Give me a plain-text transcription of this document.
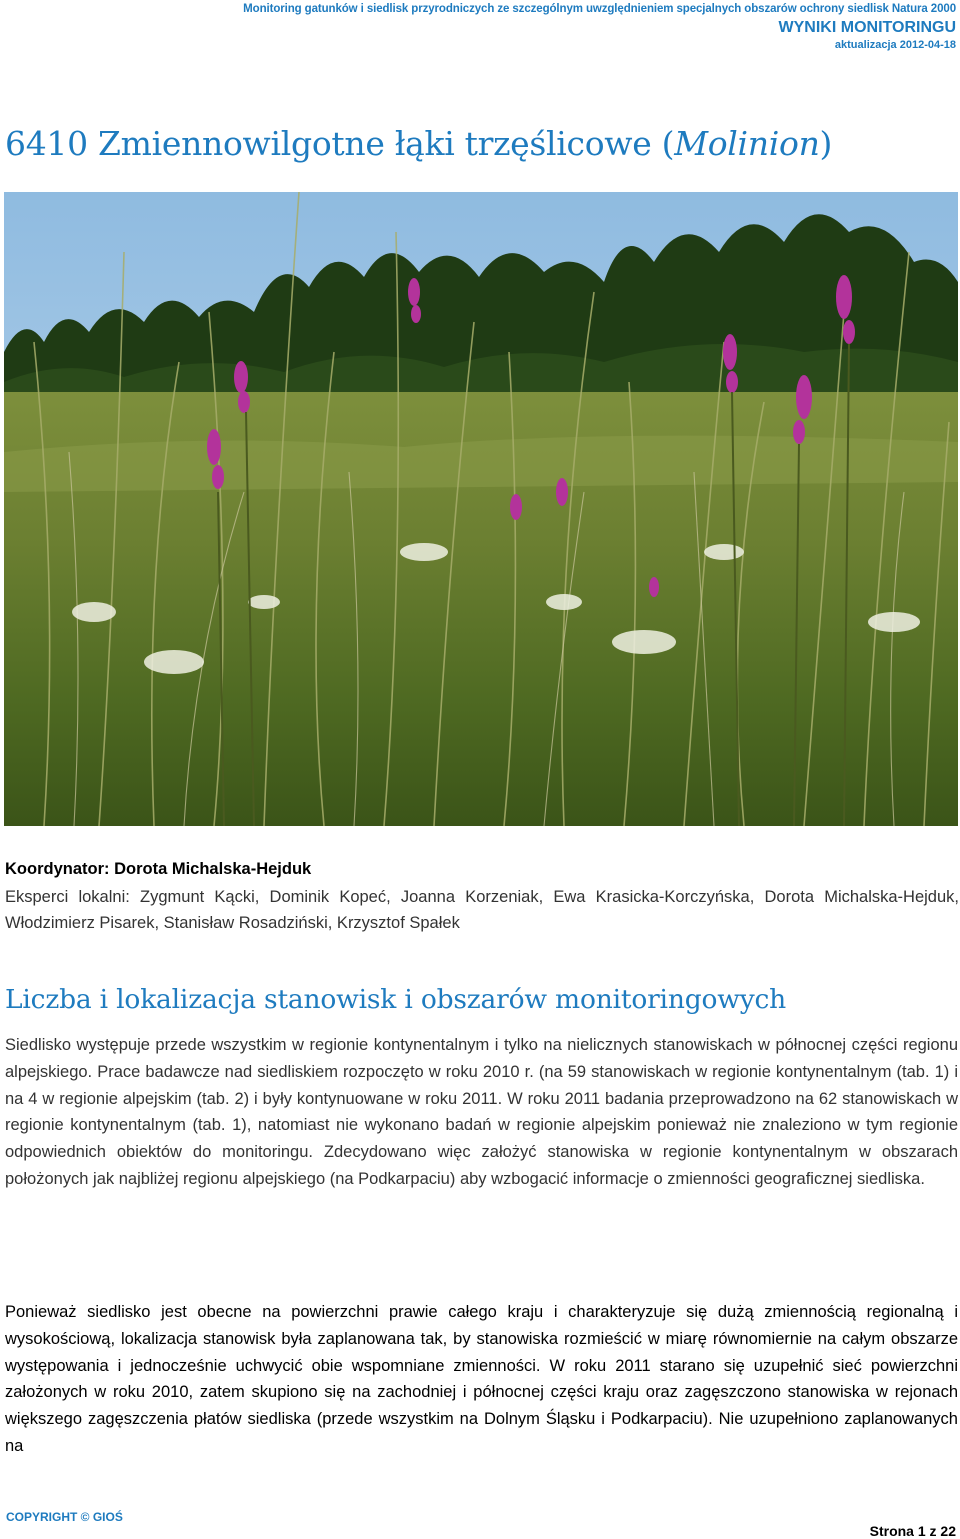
Monitoring gatunków i siedlisk przyrodniczych ze szczególnym uwzględnieniem specjalnych obszarów ochrony siedlisk Natura 2000
WYNIKI MONITORINGU
aktualizacja 2012-04-18
6410 Zmiennowilgotne łąki trzęślicowe (Molinion)
Koordynator: Dorota Michalska-Hejduk
Eksperci lokalni: Zygmunt Kącki, Dominik Kopeć, Joanna Korzeniak, Ewa Krasicka-Korczyńska, Dorota Michalska-Hejduk, Włodzimierz Pisarek, Stanisław Rosadziński, Krzysztof Spałek
Liczba i lokalizacja stanowisk i obszarów monitoringowych

Siedlisko występuje przede wszystkim w regionie kontynentalnym i tylko na nielicznych stanowiskach w północnej części regionu alpejskiego. Prace badawcze nad siedliskiem rozpoczęto w roku 2010 r. (na 59 stanowiskach w regionie kontynentalnym (tab. 1) i na 4 w regionie alpejskim (tab. 2) i były kontynuowane w roku 2011. W roku 2011 badania przeprowadzono na 62 stanowiskach w regionie kontynentalnym (tab. 1), natomiast nie wykonano badań w regionie alpejskim ponieważ nie znaleziono w tym regionie odpowiednich obiektów do monitoringu. Zdecydowano więc założyć stanowiska w regionie kontynentalnym w obszarach położonych jak najbliżej regionu alpejskiego (na Podkarpaciu) aby wzbogacić informacje o zmienności geograficznej siedliska.

Ponieważ siedlisko jest obecne na powierzchni prawie całego kraju i charakteryzuje się dużą zmiennością regionalną i wysokościową, lokalizacja stanowisk była zaplanowana tak, by stanowiska rozmieścić w miarę równomiernie na całym obszarze występowania i jednocześnie uchwycić obie wspomniane zmienności. W roku 2011 starano się uzupełnić sieć powierzchni założonych w roku 2010, zatem skupiono się na zachodniej i północnej części kraju oraz zagęszczono stanowiska w rejonach większego zagęszczenia płatów siedliska (przede wszystkim na Dolnym Śląsku i Podkarpaciu). Nie uzupełniono zaplanowanych na

COPYRIGHT © GIOŚ
Strona 1 z 22
